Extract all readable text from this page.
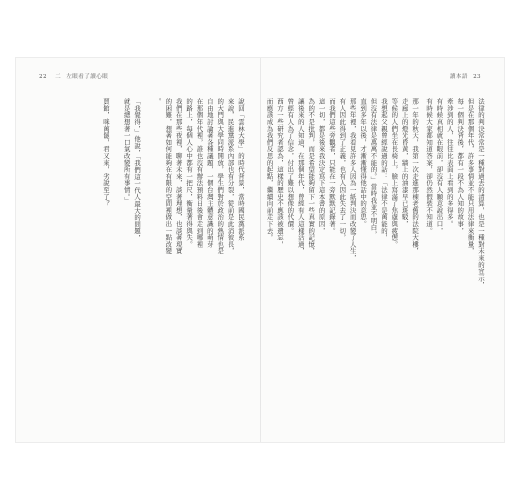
22 二 左眼看了讀心眼	讀本語 23
說回「雲林大學」的時代背景，當時國民黨派系
來說，民進黨派系內部也有分裂，從前是此消彼長，
的大門與大學同時開放，學生們對於政治的熱情也是
自由地討論著各種議題，一個台灣主體意識的萌芽
在那個年代裡，誰也沒有辦法預料日後會走到哪裡
的路上，每個人心中都有一把尺，衡量著得與失。
我們在那些夜裡，聊著未來，談著理想，也談著現實
的困難，想著如何能夠在有限的空間裡做出一點改變
。
「我覺得，」他說，「我們這一代人最大的問題，
就是總想著一口氣改變所有事情。」
賈館，咪萬罷，君又來，劣說至了？	法律的判決常常是一種對過去的清算，也是一種對未來的宣示，
但是在那個年代，許多事情並不能只用法律來衡量，
每一個判決背後，都有一段不為人知的故事，
牽涉到的人，往往比表面上看到的多得多。
有時候真相就在眼前，卻沒有人願意說出口，
有時候大家都知道答案，卻仍然假裝不知道。
那一年的秋天，我第一次走進那棟老舊的法院大樓，
走廊上的燈光昏黃，牆上的油漆早已斑駁，
等候的人們坐在長椅上，臉上寫滿了焦慮與疲憊。
我想起父親曾經說過的話：「法律不是萬能的，
但沒有法律是萬萬不能的。」當時我並不明白，
直到多年以後，才漸漸懂得他話中的意思。
那些年裡，我看見許多人因為一紙判決而改變了人生，
有人因此得到了正義，也有人因此失去了一切，
而我們這些旁觀者，只能在一旁默默記錄著。
這一切，都是後來我決定寫下這本書的原因，
為的不是批判，而是希望能夠留下一些真實的記憶，
讓後來的人知道，在那個年代，曾經有人這樣活過，
曾經有人為了信念，付出了難以想像的代價。
西方一些研究者認為，這樣的歷史不應該被遺忘，
而應該成為我們反思的起點，繼續向前走下去。
